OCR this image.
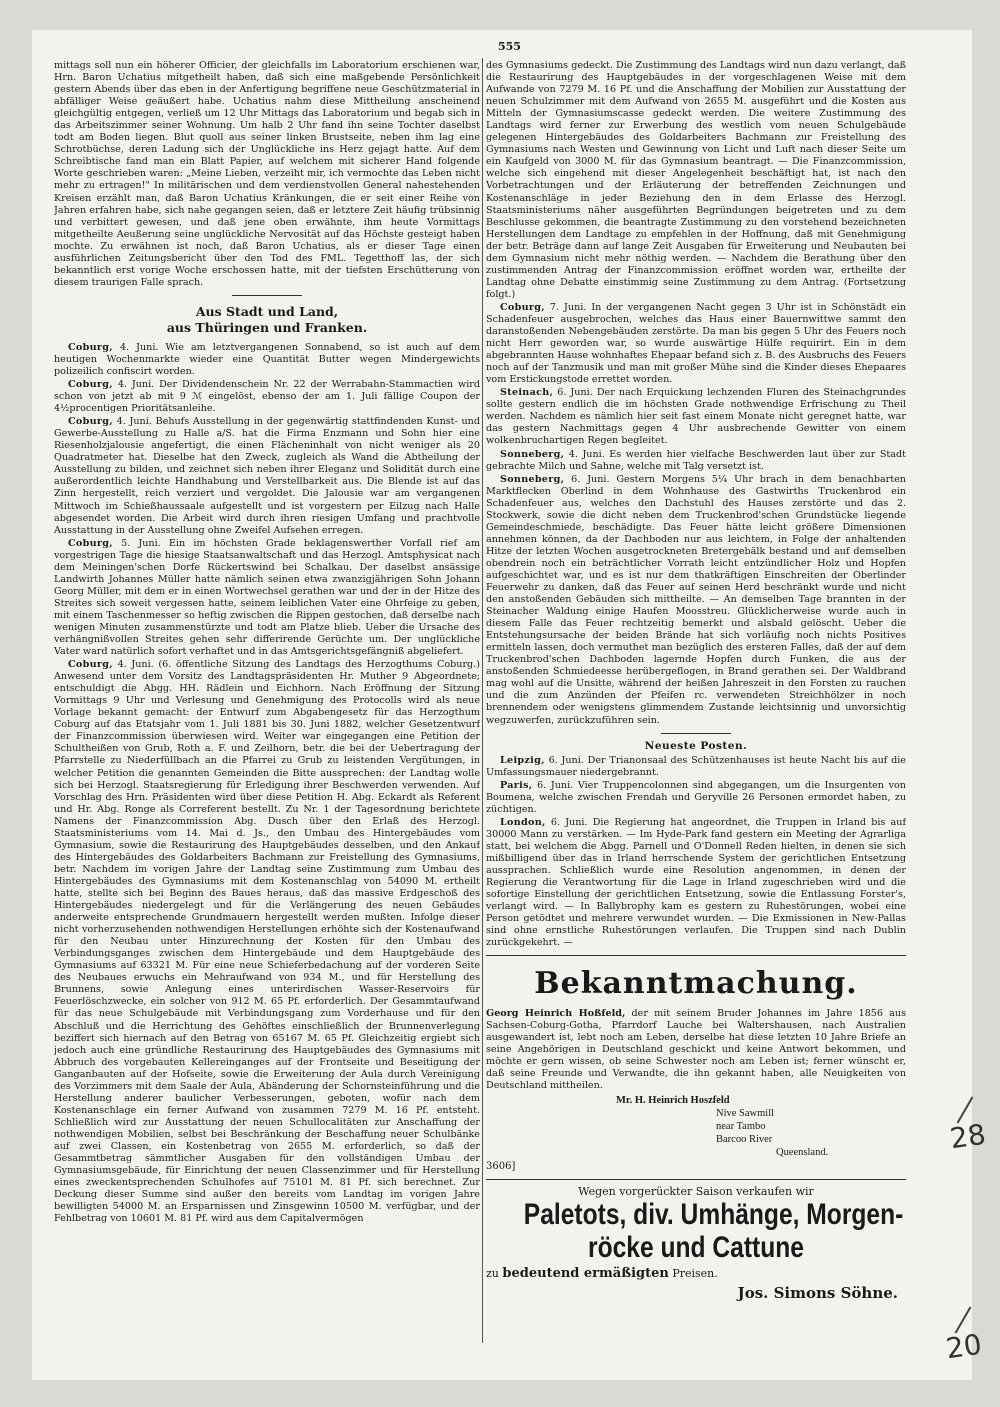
555

mittags soll nun ein höherer Officier, der gleichfalls im Laboratorium erschienen war, Hrn. Baron Uchatius mitgetheilt haben, daß sich eine maßgebende Persönlichkeit gestern Abends über das eben in der Anfertigung begriffene neue Geschützmaterial in abfälliger Weise geäußert habe. Uchatius nahm diese Mittheilung anscheinend gleichgültig entgegen, verließ um 12 Uhr Mittags das Laboratorium und begab sich in das Arbeitszimmer seiner Wohnung. Um halb 2 Uhr fand ihn seine Tochter daselbst todt am Boden liegen. Blut quoll aus seiner linken Brustseite, neben ihm lag eine Schrotbüchse, deren Ladung sich der Unglückliche ins Herz gejagt hatte. Auf dem Schreibtische fand man ein Blatt Papier, auf welchem mit sicherer Hand folgende Worte geschrieben waren: „Meine Lieben, verzeiht mir, ich vermochte das Leben nicht mehr zu ertragen!" In militärischen und dem verdienstvollen General nahestehenden Kreisen erzählt man, daß Baron Uchatius Kränkungen, die er seit einer Reihe von Jahren erfahren habe, sich nahe gegangen seien, daß er letztere Zeit häufig trübsinnig und verbittert gewesen, und daß jene oben erwähnte, ihm heute Vormittags mitgetheilte Aeußerung seine unglückliche Nervosität auf das Höchste gesteigt haben mochte. Zu erwähnen ist noch, daß Baron Uchatius, als er dieser Tage einen ausführlichen Zeitungsbericht über den Tod des FML. Tegetthoff las, der sich bekanntlich erst vorige Woche erschossen hatte, mit der tiefsten Erschütterung von diesem traurigen Falle sprach.

Aus Stadt und Land,
aus Thüringen und Franken.

Coburg, 4. Juni. Wie am letztvergangenen Sonnabend, so ist auch auf dem heutigen Wochenmarkte wieder eine Quantität Butter wegen Mindergewichts polizeilich confiscirt worden.

Coburg, 4. Juni. Der Dividendenschein Nr. 22 der Werrabahn-Stammactien wird schon von jetzt ab mit 9 ℳ eingelöst, ebenso der am 1. Juli fällige Coupon der 4½procentigen Prioritätsanleihe.

Coburg, 4. Juni. Behufs Ausstellung in der gegenwärtig stattfindenden Kunst- und Gewerbe-Ausstellung zu Halle a/S. hat die Firma Enzmann und Sohn hier eine Riesenholzjalousie angefertigt, die einen Flächeninhalt von nicht weniger als 20 Quadratmeter hat. Dieselbe hat den Zweck, zugleich als Wand die Abtheilung der Ausstellung zu bilden, und zeichnet sich neben ihrer Eleganz und Solidität durch eine außerordentlich leichte Handhabung und Verstellbarkeit aus. Die Blende ist auf das Zinn hergestellt, reich verziert und vergoldet. Die Jalousie war am vergangenen Mittwoch im Schießhaussaale aufgestellt und ist vorgestern per Eilzug nach Halle abgesendet worden. Die Arbeit wird durch ihren riesigen Umfang und prachtvolle Ausstattung in der Ausstellung ohne Zweifel Aufsehen erregen.

Coburg, 5. Juni. Ein im höchsten Grade beklagenswerther Vorfall rief am vorgestrigen Tage die hiesige Staatsanwaltschaft und das Herzogl. Amtsphysicat nach dem Meiningen'schen Dorfe Rückertswind bei Schalkau. Der daselbst ansässige Landwirth Johannes Müller hatte nämlich seinen etwa zwanzigjährigen Sohn Johann Georg Müller, mit dem er in einen Wortwechsel gerathen war und der in der Hitze des Streites sich soweit vergessen hatte, seinem leiblichen Vater eine Ohrfeige zu geben, mit einem Taschenmesser so heftig zwischen die Rippen gestochen, daß derselbe nach wenigen Minuten zusammenstürzte und todt am Platze blieb. Ueber die Ursache des verhängnißvollen Streites gehen sehr differirende Gerüchte um. Der unglückliche Vater ward natürlich sofort verhaftet und in das Amtsgerichtsgefängniß abgeliefert.

Coburg, 4. Juni. (6. öffentliche Sitzung des Landtags des Herzogthums Coburg.) Anwesend unter dem Vorsitz des Landtagspräsidenten Hr. Muther 9 Abgeordnete; entschuldigt die Abgg. HH. Rädlein und Eichhorn. Nach Eröffnung der Sitzung Vormittags 9 Uhr und Verlesung und Genehmigung des Protocolls wird als neue Vorlage bekannt gemacht: der Entwurf zum Abgabengesetz für das Herzogthum Coburg auf das Etatsjahr vom 1. Juli 1881 bis 30. Juni 1882, welcher Gesetzentwurf der Finanzcommission überwiesen wird. Weiter war eingegangen eine Petition der Schultheißen von Grub, Roth a. F. und Zeilhorn, betr. die bei der Uebertragung der Pfarrstelle zu Niederfüllbach an die Pfarrei zu Grub zu leistenden Vergütungen, in welcher Petition die genannten Gemeinden die Bitte aussprechen: der Landtag wolle sich bei Herzogl. Staatsregierung für Erledigung ihrer Beschwerden verwenden. Auf Vorschlag des Hrn. Präsidenten wird über diese Petition H. Abg. Eckardt als Referent und Hr. Abg. Ronge als Correferent bestellt. Zu Nr. 1 der Tagesordnung berichtete Namens der Finanzcommission Abg. Dusch über den Erlaß des Herzogl. Staatsministeriums vom 14. Mai d. Js., den Umbau des Hintergebäudes vom Gymnasium, sowie die Restaurirung des Hauptgebäudes desselben, und den Ankauf des Hintergebäudes des Goldarbeiters Bachmann zur Freistellung des Gymnasiums, betr. Nachdem im vorigen Jahre der Landtag seine Zustimmung zum Umbau des Hintergebäudes des Gymnasiums mit dem Kostenanschlag von 54090 M. ertheilt hatte, stellte sich bei Beginn des Baues heraus, daß das massive Erdgeschoß des Hintergebäudes niedergelegt und für die Verlängerung des neuen Gebäudes anderweite entsprechende Grundmauern hergestellt werden mußten. Infolge dieser nicht vorherzusehenden nothwendigen Herstellungen erhöhte sich der Kostenaufwand für den Neubau unter Hinzurechnung der Kosten für den Umbau des Verbindungsganges zwischen dem Hintergebäude und dem Hauptgebäude des Gymnasiums auf 63321 M. Für eine neue Schieferbedachung auf der vorderen Seite des Neubaues erwuchs ein Mehraufwand von 934 M., und für Herstellung des Brunnens, sowie Anlegung eines unterirdischen Wasser-Reservoirs für Feuerlöschzwecke, ein solcher von 912 M. 65 Pf. erforderlich. Der Gesammtaufwand für das neue Schulgebäude mit Verbindungsgang zum Vorderhause und für den Abschluß und die Herrichtung des Gehöftes einschließlich der Brunnenverlegung beziffert sich hiernach auf den Betrag von 65167 M. 65 Pf. Gleichzeitig ergiebt sich jedoch auch eine gründliche Restaurirung des Hauptgebäudes des Gymnasiums mit Abbruch des vorgebauten Kellereinganges auf der Frontseite und Beseitigung der Ganganbauten auf der Hofseite, sowie die Erweiterung der Aula durch Vereinigung des Vorzimmers mit dem Saale der Aula, Abänderung der Schornsteinführung und die Herstellung anderer baulicher Verbesserungen, geboten, wofür nach dem Kostenanschlage ein ferner Aufwand von zusammen 7279 M. 16 Pf. entsteht. Schließlich wird zur Ausstattung der neuen Schullocalitäten zur Anschaffung der nothwendigen Mobilien, selbst bei Beschränkung der Beschaffung neuer Schulbänke auf zwei Classen, ein Kostenbetrag von 2655 M. erforderlich, so daß der Gesammtbetrag sämmtlicher Ausgaben für den vollständigen Umbau der Gymnasiumsgebäude, für Einrichtung der neuen Classenzimmer und für Herstellung eines zweckentsprechenden Schulhofes auf 75101 M. 81 Pf. sich berechnet. Zur Deckung dieser Summe sind außer den bereits vom Landtag im vorigen Jahre bewilligten 54000 M. an Ersparnissen und Zinsgewinn 10500 M. verfügbar, und der Fehlbetrag von 10601 M. 81 Pf. wird aus dem Capitalvermögen

des Gymnasiums gedeckt. Die Zustimmung des Landtags wird nun dazu verlangt, daß die Restaurirung des Hauptgebäudes in der vorgeschlagenen Weise mit dem Aufwande von 7279 M. 16 Pf. und die Anschaffung der Mobilien zur Ausstattung der neuen Schulzimmer mit dem Aufwand von 2655 M. ausgeführt und die Kosten aus Mitteln der Gymnasiumscasse gedeckt werden. Die weitere Zustimmung des Landtags wird ferner zur Erwerbung des westlich vom neuen Schulgebäude gelegenen Hintergebäudes des Goldarbeiters Bachmann zur Freistellung des Gymnasiums nach Westen und Gewinnung von Licht und Luft nach dieser Seite um ein Kaufgeld von 3000 M. für das Gymnasium beantragt. — Die Finanzcommission, welche sich eingehend mit dieser Angelegenheit beschäftigt hat, ist nach den Vorbetrachtungen und der Erläuterung der betreffenden Zeichnungen und Kostenanschläge in jeder Beziehung den in dem Erlasse des Herzogl. Staatsministeriums näher ausgeführten Begründungen beigetreten und zu dem Beschlusse gekommen, die beantragte Zustimmung zu den vorstehend bezeichneten Herstellungen dem Landtage zu empfehlen in der Hoffnung, daß mit Genehmigung der betr. Beträge dann auf lange Zeit Ausgaben für Erweiterung und Neubauten bei dem Gymnasium nicht mehr nöthig werden. — Nachdem die Berathung über den zustimmenden Antrag der Finanzcommission eröffnet worden war, ertheilte der Landtag ohne Debatte einstimmig seine Zustimmung zu dem Antrag. (Fortsetzung folgt.)

Coburg, 7. Juni. In der vergangenen Nacht gegen 3 Uhr ist in Schönstädt ein Schadenfeuer ausgebrochen, welches das Haus einer Bauernwittwe sammt den daranstoßenden Nebengebäuden zerstörte. Da man bis gegen 5 Uhr des Feuers noch nicht Herr geworden war, so wurde auswärtige Hülfe requirirt. Ein in dem abgebrannten Hause wohnhaftes Ehepaar befand sich z. B. des Ausbruchs des Feuers noch auf der Tanzmusik und man mit großer Mühe sind die Kinder dieses Ehepaares vom Erstickungstode errettet worden.

Steinach, 6. Juni. Der nach Erquickung lechzenden Fluren des Steinachgrundes sollte gestern endlich die im höchsten Grade nothwendige Erfrischung zu Theil werden. Nachdem es nämlich hier seit fast einem Monate nicht geregnet hatte, war das gestern Nachmittags gegen 4 Uhr ausbrechende Gewitter von einem wolkenbruchartigen Regen begleitet.

Sonneberg, 4. Juni. Es werden hier vielfache Beschwerden laut über zur Stadt gebrachte Milch und Sahne, welche mit Talg versetzt ist.

Sonneberg, 6. Juni. Gestern Morgens 5¼ Uhr brach in dem benachbarten Marktflecken Oberlind in dem Wohnhause des Gastwirths Truckenbrod ein Schadenfeuer aus, welches den Dachstuhl des Hauses zerstörte und das 2. Stockwerk, sowie die dicht neben dem Truckenbrod'schen Grundstücke liegende Gemeindeschmiede, beschädigte. Das Feuer hätte leicht größere Dimensionen annehmen können, da der Dachboden nur aus leichtem, in Folge der anhaltenden Hitze der letzten Wochen ausgetrockneten Bretergebälk bestand und auf demselben obendrein noch ein beträchtlicher Vorrath leicht entzündlicher Holz und Hopfen aufgeschichtet war, und es ist nur dem thatkräftigen Einschreiten der Oberlinder Feuerwehr zu danken, daß das Feuer auf seinen Herd beschränkt wurde und nicht den anstoßenden Gebäuden sich mittheilte. — An demselben Tage brannten in der Steinacher Waldung einige Haufen Moosstreu. Glücklicherweise wurde auch in diesem Falle das Feuer rechtzeitig bemerkt und alsbald gelöscht. Ueber die Entstehungsursache der beiden Brände hat sich vorläufig noch nichts Positives ermitteln lassen, doch vermuthet man bezüglich des ersteren Falles, daß der auf dem Truckenbrod'schen Dachboden lagernde Hopfen durch Funken, die aus der anstoßenden Schmiedeesse herübergeflogen, in Brand gerathen sei. Der Waldbrand mag wohl auf die Unsitte, während der heißen Jahreszeit in den Forsten zu rauchen und die zum Anzünden der Pfeifen rc. verwendeten Streichhölzer in noch brennendem oder wenigstens glimmendem Zustande leichtsinnig und unvorsichtig wegzuwerfen, zurückzuführen sein.

Neueste Posten.

Leipzig, 6. Juni. Der Trianonsaal des Schützenhauses ist heute Nacht bis auf die Umfassungsmauer niedergebrannt.

Paris, 6. Juni. Vier Truppencolonnen sind abgegangen, um die Insurgenten von Boumena, welche zwischen Frendah und Geryville 26 Personen ermordet haben, zu züchtigen.

London, 6. Juni. Die Regierung hat angeordnet, die Truppen in Irland bis auf 30000 Mann zu verstärken. — Im Hyde-Park fand gestern ein Meeting der Agrarliga statt, bei welchem die Abgg. Parnell und O'Donnell Reden hielten, in denen sie sich mißbilligend über das in Irland herrschende System der gerichtlichen Entsetzung aussprachen. Schließlich wurde eine Resolution angenommen, in denen der Regierung die Verantwortung für die Lage in Irland zugeschrieben wird und die sofortige Einstellung der gerichtlichen Entsetzung, sowie die Entlassung Forster's, verlangt wird. — In Ballybrophy kam es gestern zu Ruhestörungen, wobei eine Person getödtet und mehrere verwundet wurden. — Die Exmissionen in New-Pallas sind ohne ernstliche Ruhestörungen verlaufen. Die Truppen sind nach Dublin zurückgekehrt. —

Bekanntmachung.
Georg Heinrich Hoßfeld, der mit seinem Bruder Johannes im Jahre 1856 aus Sachsen-Coburg-Gotha, Pfarrdorf Lauche bei Waltershausen, nach Australien ausgewandert ist, lebt noch am Leben, derselbe hat diese letzten 10 Jahre Briefe an seine Angehörigen in Deutschland geschickt und keine Antwort bekommen, und möchte er gern wissen, ob seine Schwester noch am Leben ist; ferner wünscht er, daß seine Freunde und Verwandte, die ihn gekannt haben, alle Neuigkeiten von Deutschland mittheilen.
Mr. H. Heinrich Hoszfeld
Nive Sawmill
near Tambo
Barcoo River
Queensland.
3606]
Wegen vorgerückter Saison verkaufen wir
Paletots, div. Umhänge, Morgen-
röcke und Cattune
zu bedeutend ermäßigten Preisen.
Jos. Simons Söhne.
28
20
